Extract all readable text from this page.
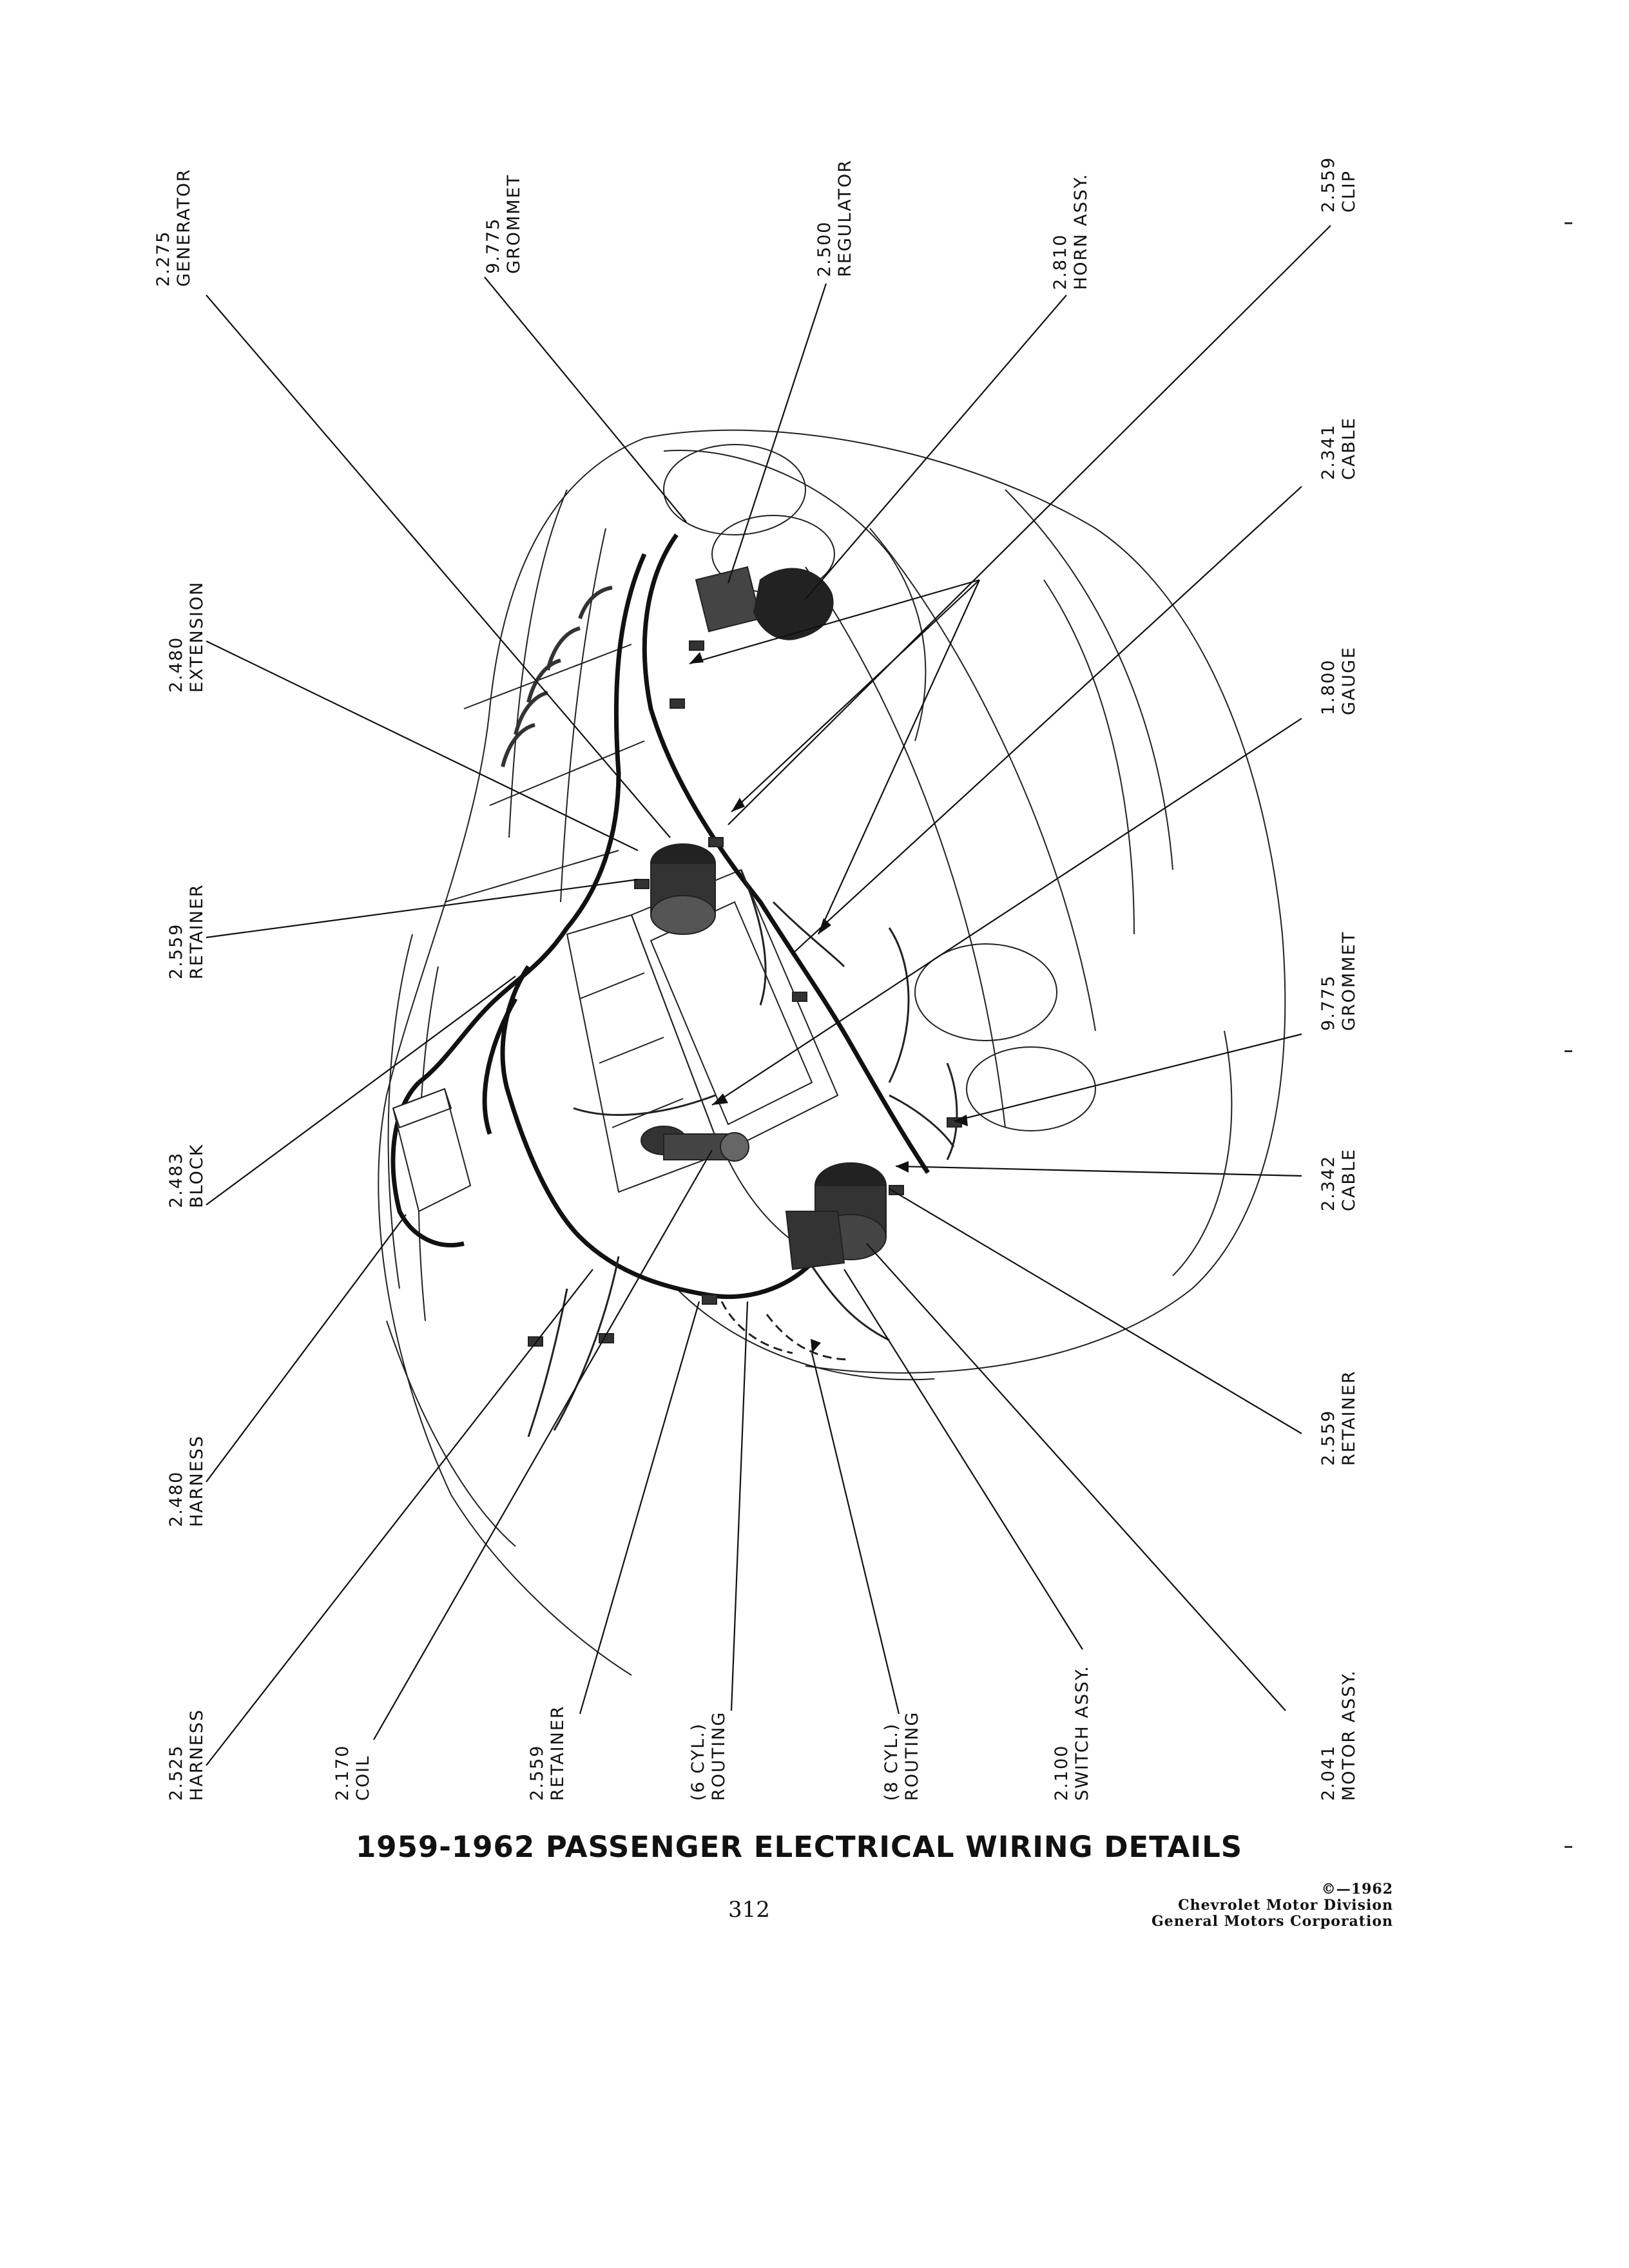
2.275 GENERATOR	9.775 GROMMET	2.500 REGULATOR	2.810 HORN ASSY.	2.559 CLIP
2.480 EXTENSION
2.341 CABLE
1.800 GAUGE
2.559 RETAINER
9.775 GROMMET
2.483 BLOCK	2.342 CABLE
2.480 HARNESS	2.559 RETAINER
2.525 HARNESS	2.170 COIL	2.559 RETAINER	(6 CYL.) ROUTING	(8 CYL.) ROUTING	2.100 SWITCH ASSY.	2.041 MOTOR ASSY.
1959-1962 PASSENGER ELECTRICAL WIRING DETAILS
312
©—1962
Chevrolet Motor Division
General Motors Corporation
